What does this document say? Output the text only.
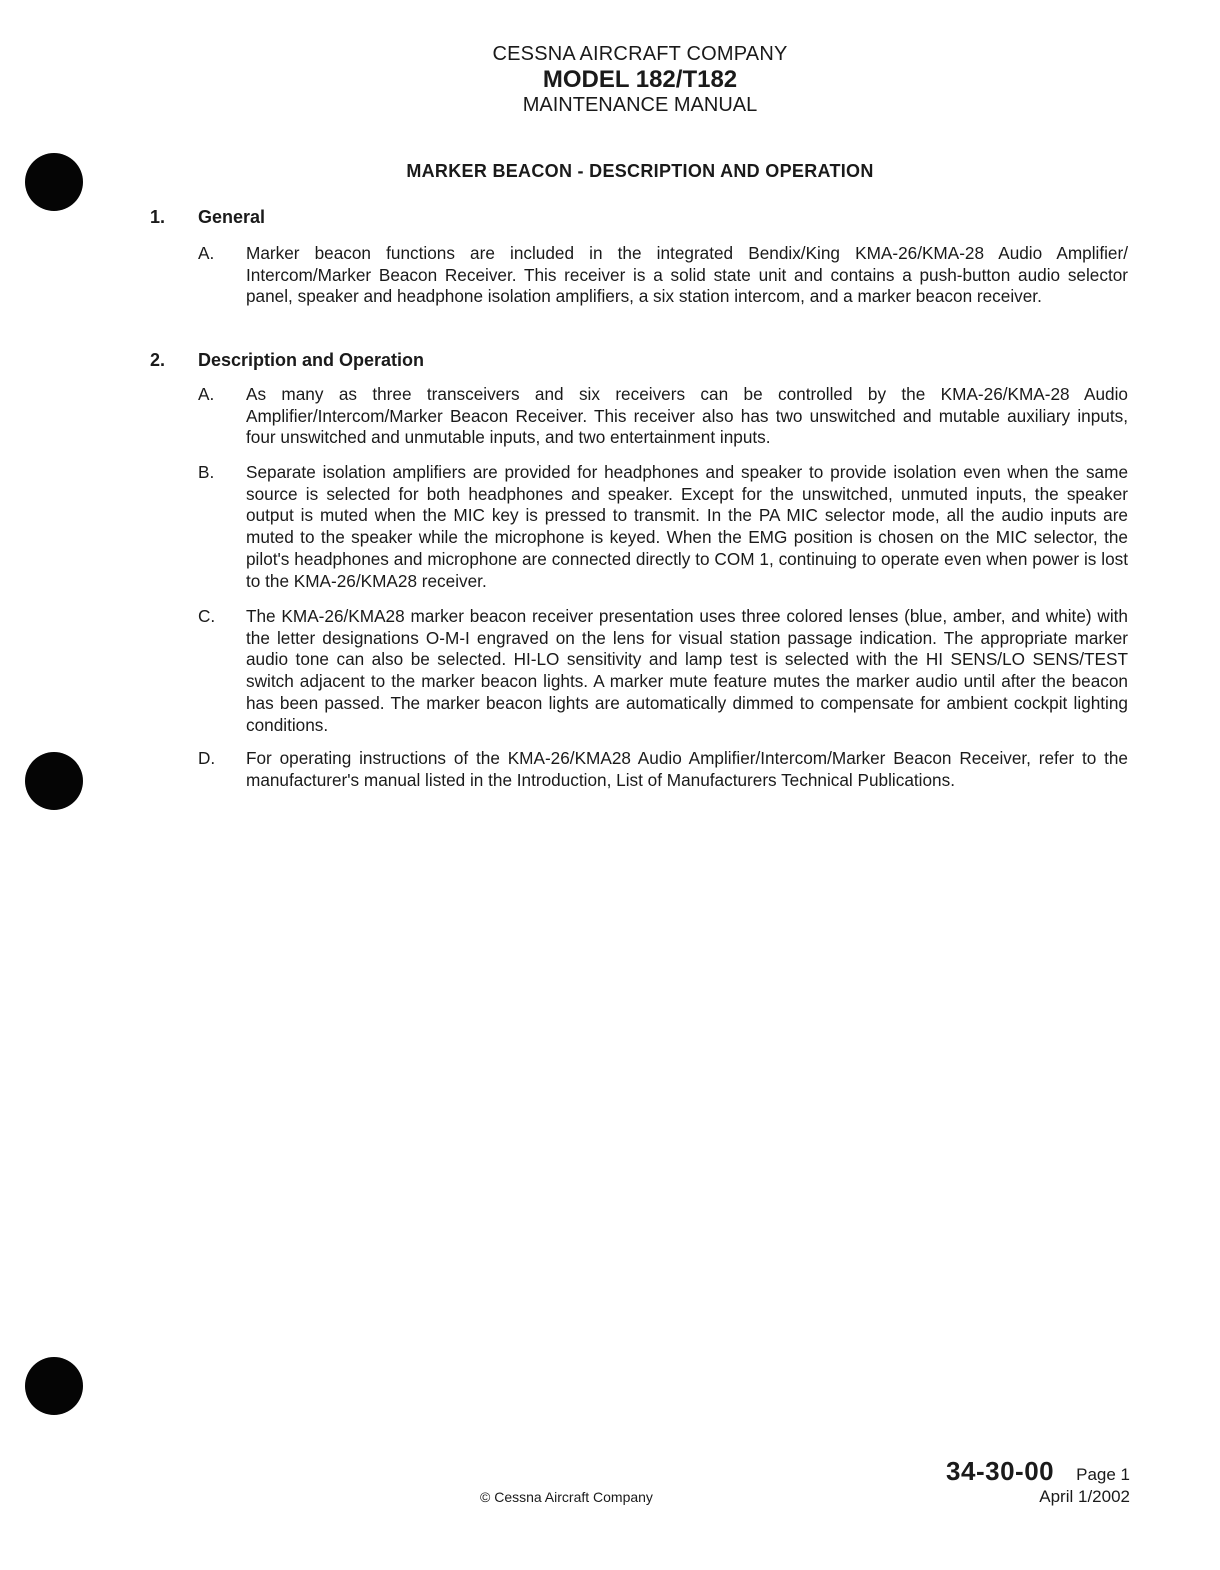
CESSNA AIRCRAFT COMPANY
MODEL 182/T182
MAINTENANCE MANUAL
MARKER BEACON - DESCRIPTION AND OPERATION
1. General
A. Marker beacon functions are included in the integrated Bendix/King KMA-26/KMA-28 Audio Amplifier/ Intercom/Marker Beacon Receiver. This receiver is a solid state unit and contains a push-button audio selector panel, speaker and headphone isolation amplifiers, a six station intercom, and a marker beacon receiver.
2. Description and Operation
A. As many as three transceivers and six receivers can be controlled by the KMA-26/KMA-28 Audio Amplifier/Intercom/Marker Beacon Receiver. This receiver also has two unswitched and mutable auxiliary inputs, four unswitched and unmutable inputs, and two entertainment inputs.
B. Separate isolation amplifiers are provided for headphones and speaker to provide isolation even when the same source is selected for both headphones and speaker. Except for the unswitched, unmuted inputs, the speaker output is muted when the MIC key is pressed to transmit. In the PA MIC selector mode, all the audio inputs are muted to the speaker while the microphone is keyed. When the EMG position is chosen on the MIC selector, the pilot's headphones and microphone are connected directly to COM 1, continuing to operate even when power is lost to the KMA-26/KMA28 receiver.
C. The KMA-26/KMA28 marker beacon receiver presentation uses three colored lenses (blue, amber, and white) with the letter designations O-M-I engraved on the lens for visual station passage indication. The appropriate marker audio tone can also be selected. HI-LO sensitivity and lamp test is selected with the HI SENS/LO SENS/TEST switch adjacent to the marker beacon lights. A marker mute feature mutes the marker audio until after the beacon has been passed. The marker beacon lights are automatically dimmed to compensate for ambient cockpit lighting conditions.
D. For operating instructions of the KMA-26/KMA28 Audio Amplifier/Intercom/Marker Beacon Receiver, refer to the manufacturer's manual listed in the Introduction, List of Manufacturers Technical Publications.
© Cessna Aircraft Company
34-30-00 Page 1
April 1/2002
